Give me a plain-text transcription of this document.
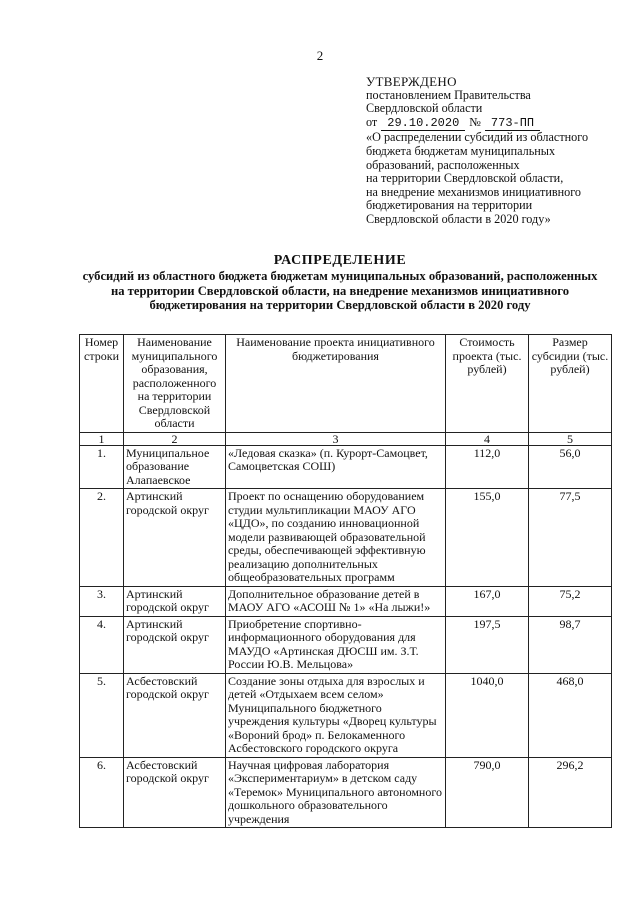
2
УТВЕРЖДЕНО
постановлением Правительства
Свердловской области
от 29.10.2020 № 773-ПП
«О распределении субсидий из областного
бюджета бюджетам муниципальных
образований, расположенных
на территории Свердловской области,
на внедрение механизмов инициативного
бюджетирования на территории
Свердловской области в 2020 году»
РАСПРЕДЕЛЕНИЕ
субсидий из областного бюджета бюджетам муниципальных образований, расположенных
на территории Свердловской области, на внедрение механизмов инициативного
бюджетирования на территории Свердловской области в 2020 году
Номер строки	Наименование муниципального образования, расположенного на территории Свердловской области	Наименование проекта инициативного бюджетирования	Стоимость проекта (тыс. рублей)	Размер субсидии (тыс. рублей)
1	2	3	4	5
1.	Муниципальное образование Алапаевское	«Ледовая сказка» (п. Курорт-Самоцвет, Самоцветская СОШ)	112,0	56,0
2.	Артинский городской округ	Проект по оснащению оборудованием студии мультипликации МАОУ АГО «ЦДО», по созданию инновационной модели развивающей образовательной среды, обеспечивающей эффективную реализацию дополнительных общеобразовательных программ	155,0	77,5
3.	Артинский городской округ	Дополнительное образование детей в МАОУ АГО «АСОШ № 1» «На лыжи!»	167,0	75,2
4.	Артинский городской округ	Приобретение спортивно-информационного оборудования для МАУДО «Артинская ДЮСШ им. З.Т. России Ю.В. Мельцова»	197,5	98,7
5.	Асбестовский городской округ	Создание зоны отдыха для взрослых и детей «Отдыхаем всем селом» Муниципального бюджетного учреждения культуры «Дворец культуры «Вороний брод» п. Белокаменного Асбестовского городского округа	1040,0	468,0
6.	Асбестовский городской округ	Научная цифровая лаборатория «Экспериментариум» в детском саду «Теремок» Муниципального автономного дошкольного образовательного учреждения	790,0	296,2
